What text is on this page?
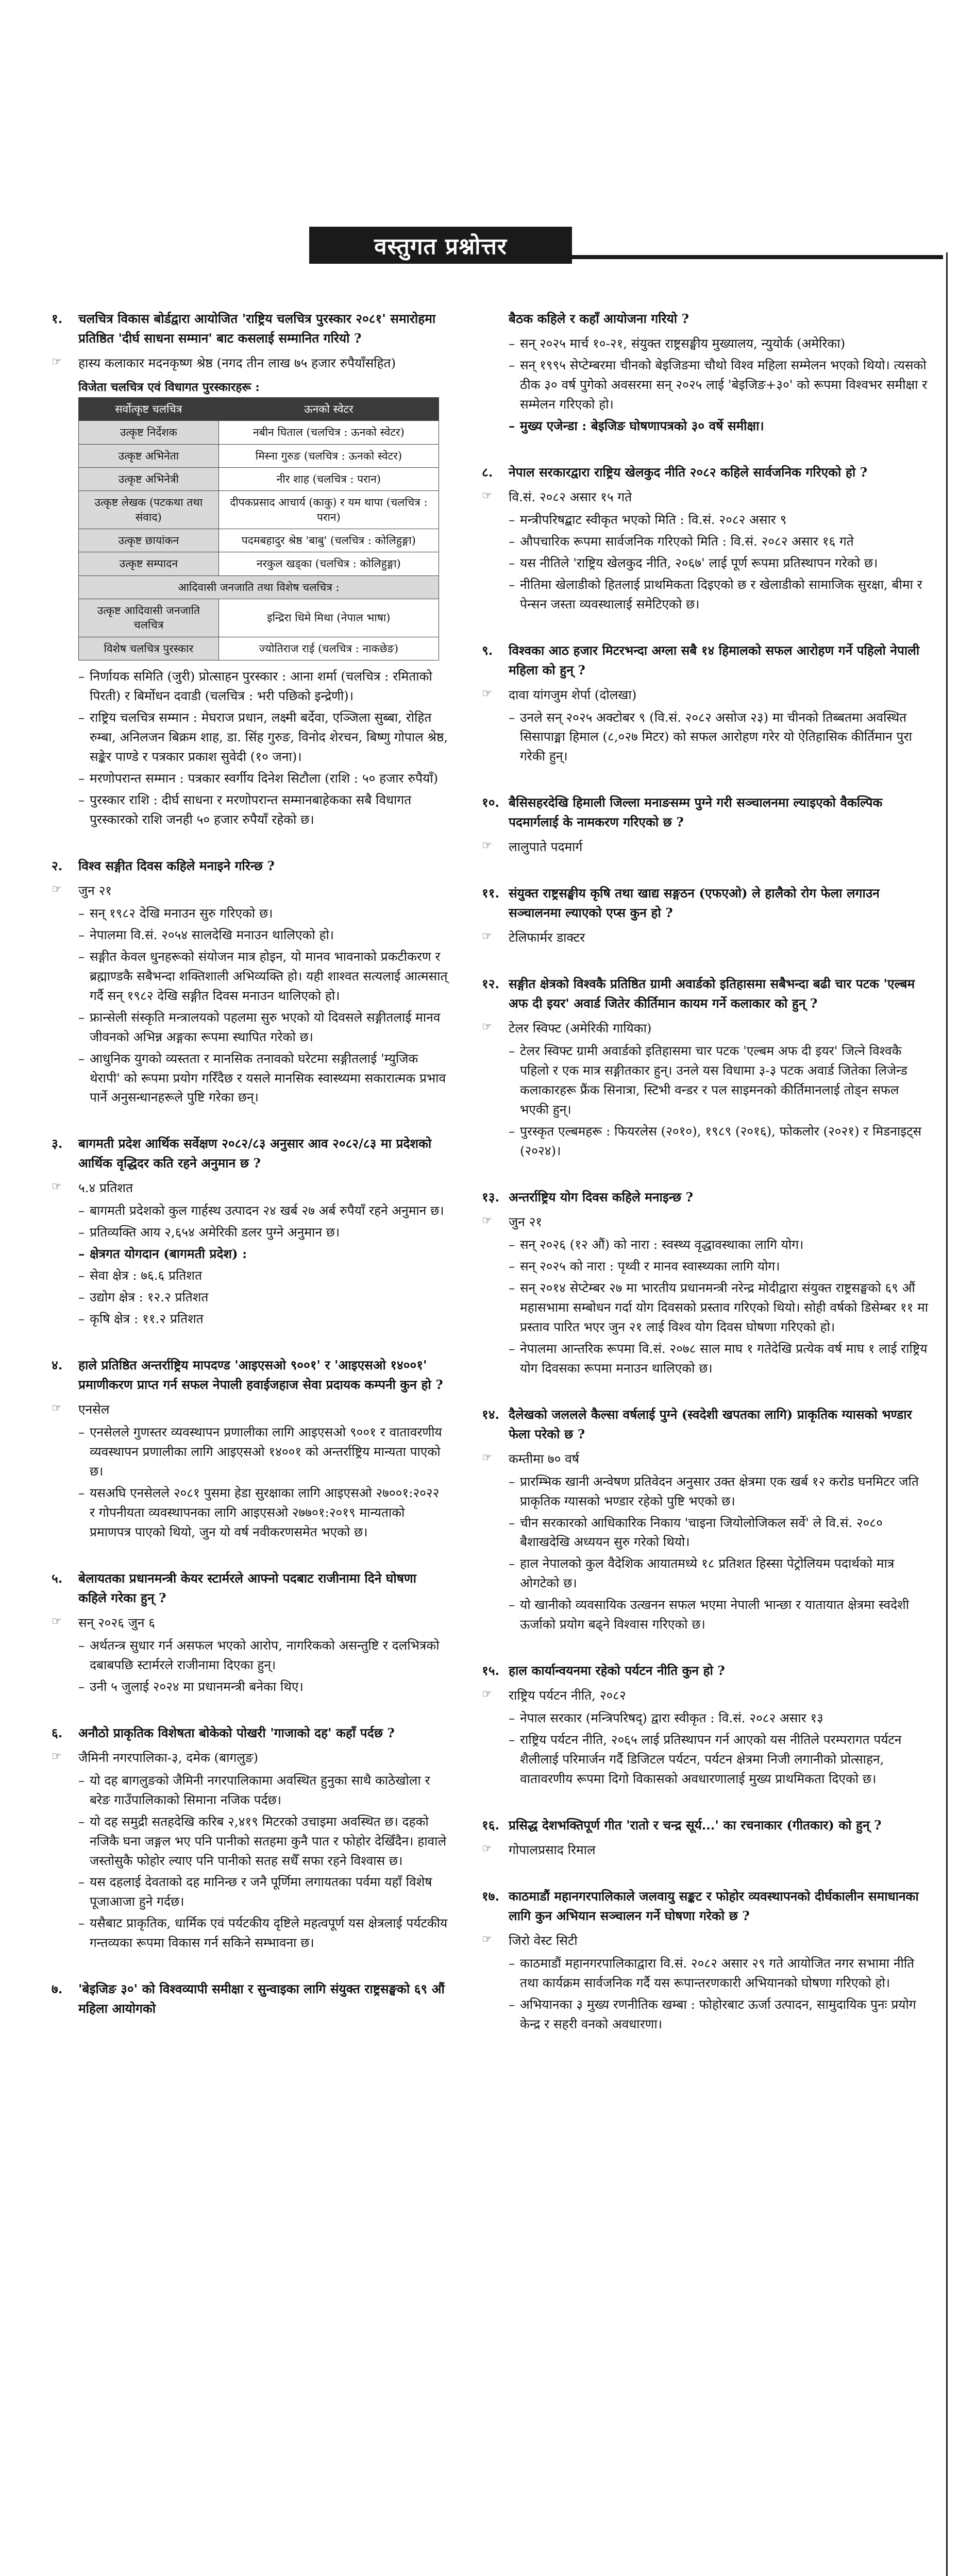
वस्तुगत प्रश्नोत्तर
१.	चलचित्र विकास बोर्डद्वारा आयोजित 'राष्ट्रिय चलचित्र पुरस्कार २०८१' समारोहमा प्रतिष्ठित 'दीर्घ साधना सम्मान' बाट कसलाई सम्मानित गरियो ?
☞	हास्य कलाकार मदनकृष्ण श्रेष्ठ (नगद तीन लाख ७५ हजार रुपैयाँसहित)
विजेता चलचित्र एवं विधागत पुरस्कारहरू :
सर्वोत्कृष्ट चलचित्र	ऊनको स्वेटर
उत्कृष्ट निर्देशक	नबीन घिताल (चलचित्र : ऊनको स्वेटर)
उत्कृष्ट अभिनेता	मिस्ना गुरुङ (चलचित्र : ऊनको स्वेटर)
उत्कृष्ट अभिनेत्री	नीर शाह (चलचित्र : परान)
उत्कृष्ट लेखक (पटकथा तथा संवाद)	दीपकप्रसाद आचार्य (काकु) र यम थापा (चलचित्र : परान)
उत्कृष्ट छायांकन	पदमबहादुर श्रेष्ठ 'बाबु' (चलचित्र : कोलिहुङ्गा)
उत्कृष्ट सम्पादन	नरकुल खड्का (चलचित्र : कोलिहुङ्गा)
आदिवासी जनजाति तथा विशेष चलचित्र :	
उत्कृष्ट आदिवासी जनजाति चलचित्र	इन्द्रिरा धिमे मिथा (नेपाल भाषा)
विशेष चलचित्र पुरस्कार	ज्योतिराज राई (चलचित्र : नाकछेङ)
– निर्णायक समिति (जुरी) प्रोत्साहन पुरस्कार : आना शर्मा (चलचित्र : रमिताको पिरती) र बिर्मोधन दवाडी (चलचित्र : भरी पछिको इन्द्रेणी)।
– राष्ट्रिय चलचित्र सम्मान : मेघराज प्रधान, लक्ष्मी बर्देवा, एञ्जिला सुब्बा, रोहित रुम्बा, अनिलजन बिक्रम शाह, डा. सिंह गुरुङ, विनोद शेरचन, बिष्णु गोपाल श्रेष्ठ, सङ्केर पाण्डे र पत्रकार प्रकाश सुवेदी (१० जना)।
– मरणोपरान्त सम्मान : पत्रकार स्वर्गीय दिनेश सिटौला (राशि : ५० हजार रुपैयाँ)
– पुरस्कार राशि : दीर्घ साधना र मरणोपरान्त सम्मानबाहेकका सबै विधागत पुरस्कारको राशि जनही ५० हजार रुपैयाँ रहेको छ।
२.	विश्व सङ्गीत दिवस कहिले मनाइने गरिन्छ ?
☞	जुन २१
– सन् १९८२ देखि मनाउन सुरु गरिएको छ।
– नेपालमा वि.सं. २०५४ सालदेखि मनाउन थालिएको हो।
– सङ्गीत केवल धुनहरूको संयोजन मात्र होइन, यो मानव भावनाको प्रकटीकरण र ब्रह्माण्डकै सबैभन्दा शक्तिशाली अभिव्यक्ति हो। यही शाश्वत सत्यलाई आत्मसात् गर्दै सन् १९८२ देखि सङ्गीत दिवस मनाउन थालिएको हो।
– फ्रान्सेली संस्कृति मन्त्रालयको पहलमा सुरु भएको यो दिवसले सङ्गीतलाई मानव जीवनको अभिन्न अङ्गका रूपमा स्थापित गरेको छ।
– आधुनिक युगको व्यस्तता र मानसिक तनावको घरेटमा सङ्गीतलाई 'म्युजिक थेरापी' को रूपमा प्रयोग गरिँदैछ र यसले मानसिक स्वास्थ्यमा सकारात्मक प्रभाव पार्ने अनुसन्धानहरूले पुष्टि गरेका छन्।
३.	बागमती प्रदेश आर्थिक सर्वेक्षण २०८२/८३ अनुसार आव २०८२/८३ मा प्रदेशको आर्थिक वृद्धिदर कति रहने अनुमान छ ?
☞	५.४ प्रतिशत
– बागमती प्रदेशको कुल गार्हस्थ उत्पादन २४ खर्ब २७ अर्ब रुपैयाँ रहने अनुमान छ।
– प्रतिव्यक्ति आय २,६५४ अमेरिकी डलर पुग्ने अनुमान छ।
– क्षेत्रगत योगदान (बागमती प्रदेश) :
– सेवा क्षेत्र : ७६.६ प्रतिशत
– उद्योग क्षेत्र : १२.२ प्रतिशत
– कृषि क्षेत्र : ११.२ प्रतिशत
४.	हाले प्रतिष्ठित अन्तर्राष्ट्रिय मापदण्ड 'आइएसओ ९००१' र 'आइएसओ १४००१' प्रमाणीकरण प्राप्त गर्न सफल नेपाली हवाईजहाज सेवा प्रदायक कम्पनी कुन हो ?
☞	एनसेल
– एनसेलले गुणस्तर व्यवस्थापन प्रणालीका लागि आइएसओ ९००१ र वातावरणीय व्यवस्थापन प्रणालीका लागि आइएसओ १४००१ को अन्तर्राष्ट्रिय मान्यता पाएको छ।
– यसअघि एनसेलले २०८१ पुसमा हेडा सुरक्षाका लागि आइएसओ २७००१:२०२२ र गोपनीयता व्यवस्थापनका लागि आइएसओ २७७०१:२०१९ मान्यताको प्रमाणपत्र पाएको थियो, जुन यो वर्ष नवीकरणसमेत भएको छ।
५.	बेलायतका प्रधानमन्त्री केयर स्टार्मरले आफ्नो पदबाट राजीनामा दिने घोषणा कहिले गरेका हुन् ?
☞	सन् २०२६ जुन ६
– अर्थतन्त्र सुधार गर्न असफल भएको आरोप, नागरिकको असन्तुष्टि र दलभित्रको दबाबपछि स्टार्मरले राजीनामा दिएका हुन्।
– उनी ५ जुलाई २०२४ मा प्रधानमन्त्री बनेका थिए।
६.	अनौठो प्राकृतिक विशेषता बोकेको पोखरी 'गाजाको दह' कहाँ पर्दछ ?
☞	जैमिनी नगरपालिका-३, दमेक (बागलुङ)
– यो दह बागलुङको जैमिनी नगरपालिकामा अवस्थित हुनुका साथै काठेखोला र बरेङ गाउँपालिकाको सिमाना नजिक पर्दछ।
– यो दह समुद्री सतहदेखि करिब २,४१९ मिटरको उचाइमा अवस्थित छ। दहको नजिकै घना जङ्गल भए पनि पानीको सतहमा कुनै पात र फोहोर देखिँदैन। हावाले जस्तोसुकै फोहोर ल्याए पनि पानीको सतह सधैँ सफा रहने विश्वास छ।
– यस दहलाई देवताको दह मानिन्छ र जनै पूर्णिमा लगायतका पर्वमा यहाँ विशेष पूजाआजा हुने गर्दछ।
– यसैबाट प्राकृतिक, धार्मिक एवं पर्यटकीय दृष्टिले महत्वपूर्ण यस क्षेत्रलाई पर्यटकीय गन्तव्यका रूपमा विकास गर्न सकिने सम्भावना छ।
७.	'बेइजिङ ३०' को विश्वव्यापी समीक्षा र सुन्वाइका लागि संयुक्त राष्ट्रसङ्घको ६९ औं महिला आयोगको
बैठक कहिले र कहाँ आयोजना गरियो ?
– सन् २०२५ मार्च १०-२१, संयुक्त राष्ट्रसङ्घीय मुख्यालय, न्युयोर्क (अमेरिका)
– सन् १९९५ सेप्टेम्बरमा चीनको बेइजिङमा चौथो विश्व महिला सम्मेलन भएको थियो। त्यसको ठीक ३० वर्ष पुगेको अवसरमा सन् २०२५ लाई 'बेइजिङ+३०' को रूपमा विश्वभर समीक्षा र सम्मेलन गरिएको हो।
– मुख्य एजेन्डा : बेइजिङ घोषणापत्रको ३० वर्षे समीक्षा।
८.	नेपाल सरकारद्वारा राष्ट्रिय खेलकुद नीति २०८२ कहिले सार्वजनिक गरिएको हो ?
☞	वि.सं. २०८२ असार १५ गते
– मन्त्रीपरिषद्बाट स्वीकृत भएको मिति : वि.सं. २०८२ असार ९
– औपचारिक रूपमा सार्वजनिक गरिएको मिति : वि.सं. २०८२ असार १६ गते
– यस नीतिले 'राष्ट्रिय खेलकुद नीति, २०६७' लाई पूर्ण रूपमा प्रतिस्थापन गरेको छ।
– नीतिमा खेलाडीको हितलाई प्राथमिकता दिइएको छ र खेलाडीको सामाजिक सुरक्षा, बीमा र पेन्सन जस्ता व्यवस्थालाई समेटिएको छ।
९.	विश्वका आठ हजार मिटरभन्दा अग्ला सबै १४ हिमालको सफल आरोहण गर्ने पहिलो नेपाली महिला को हुन् ?
☞	दावा यांगजुम शेर्पा (दोलखा)
– उनले सन् २०२५ अक्टोबर ९ (वि.सं. २०८२ असोज २३) मा चीनको तिब्बतमा अवस्थित सिसापाङ्मा हिमाल (८,०२७ मिटर) को सफल आरोहण गरेर यो ऐतिहासिक कीर्तिमान पुरा गरेकी हुन्।
१०. बैसिसहरदेखि हिमाली जिल्ला मनाङसम्म पुग्ने गरी सञ्चालनमा ल्याइएको वैकल्पिक पदमार्गलाई के नामकरण गरिएको छ ?
☞	लालुपाते पदमार्ग
११. संयुक्त राष्ट्रसङ्घीय कृषि तथा खाद्य सङ्गठन (एफएओ) ले हालैको रोग फेला लगाउन सञ्चालनमा ल्याएको एप्स कुन हो ?
☞	टेलिफार्मर डाक्टर
१२. सङ्गीत क्षेत्रको विश्वकै प्रतिष्ठित ग्रामी अवार्डको इतिहासमा सबैभन्दा बढी चार पटक 'एल्बम अफ दी इयर' अवार्ड जितेर कीर्तिमान कायम गर्ने कलाकार को हुन् ?
☞	टेलर स्विफ्ट (अमेरिकी गायिका)
– टेलर स्विफ्ट ग्रामी अवार्डको इतिहासमा चार पटक 'एल्बम अफ दी इयर' जित्ने विश्वकै पहिलो र एक मात्र सङ्गीतकार हुन्। उनले यस विधामा ३-३ पटक अवार्ड जितेका लिजेन्ड कलाकारहरू फ्रैंक सिनात्रा, स्टिभी वन्डर र पल साइमनको कीर्तिमानलाई तोड्न सफल भएकी हुन्।
– पुरस्कृत एल्बमहरू : फियरलेस (२०१०), १९८९ (२०१६), फोकलोर (२०२१) र मिडनाइट्स (२०२४)।
१३. अन्तर्राष्ट्रिय योग दिवस कहिले मनाइन्छ ?
☞	जुन २१
– सन् २०२६ (१२ औं) को नारा : स्वस्थ्य वृद्धावस्थाका लागि योग।
– सन् २०२५ को नारा : पृथ्वी र मानव स्वास्थ्यका लागि योग।
– सन् २०१४ सेप्टेम्बर २७ मा भारतीय प्रधानमन्त्री नरेन्द्र मोदीद्वारा संयुक्त राष्ट्रसङ्घको ६९ औं महासभामा सम्बोधन गर्दा योग दिवसको प्रस्ताव गरिएको थियो। सोही वर्षको डिसेम्बर ११ मा प्रस्ताव पारित भएर जुन २१ लाई विश्व योग दिवस घोषणा गरिएको हो।
– नेपालमा आन्तरिक रूपमा वि.सं. २०७८ साल माघ १ गतेदेखि प्रत्येक वर्ष माघ १ लाई राष्ट्रिय योग दिवसका रूपमा मनाउन थालिएको छ।
१४. दैलेखको जललले कैल्सा वर्षलाई पुग्ने (स्वदेशी खपतका लागि) प्राकृतिक ग्यासको भण्डार फेला परेको छ ?
☞	कम्तीमा ७० वर्ष
– प्रारम्भिक खानी अन्वेषण प्रतिवेदन अनुसार उक्त क्षेत्रमा एक खर्ब १२ करोड घनमिटर जति प्राकृतिक ग्यासको भण्डार रहेको पुष्टि भएको छ।
– चीन सरकारको आधिकारिक निकाय 'चाइना जियोलोजिकल सर्वे' ले वि.सं. २०८० बैशाखदेखि अध्ययन सुरु गरेको थियो।
– हाल नेपालको कुल वैदेशिक आयातमध्ये १८ प्रतिशत हिस्सा पेट्रोलियम पदार्थको मात्र ओगटेको छ।
– यो खानीको व्यवसायिक उत्खनन सफल भएमा नेपाली भान्छा र यातायात क्षेत्रमा स्वदेशी ऊर्जाको प्रयोग बढ्ने विश्वास गरिएको छ।
१५. हाल कार्यान्वयनमा रहेको पर्यटन नीति कुन हो ?
☞	राष्ट्रिय पर्यटन नीति, २०८२
– नेपाल सरकार (मन्त्रिपरिषद्) द्वारा स्वीकृत : वि.सं. २०८२ असार १३
– राष्ट्रिय पर्यटन नीति, २०६५ लाई प्रतिस्थापन गर्न आएको यस नीतिले परम्परागत पर्यटन शैलीलाई परिमार्जन गर्दै डिजिटल पर्यटन, पर्यटन क्षेत्रमा निजी लगानीको प्रोत्साहन, वातावरणीय रूपमा दिगो विकासको अवधारणालाई मुख्य प्राथमिकता दिएको छ।
१६. प्रसिद्ध देशभक्तिपूर्ण गीत 'रातो र चन्द्र सूर्य...' का रचनाकार (गीतकार) को हुन् ?
☞	गोपालप्रसाद रिमाल
१७. काठमाडौं महानगरपालिकाले जलवायु सङ्कट र फोहोर व्यवस्थापनको दीर्घकालीन समाधानका लागि कुन अभियान सञ्चालन गर्ने घोषणा गरेको छ ?
☞	जिरो वेस्ट सिटी
– काठमाडौं महानगरपालिकाद्वारा वि.सं. २०८२ असार २९ गते आयोजित नगर सभामा नीति तथा कार्यक्रम सार्वजनिक गर्दै यस रूपान्तरणकारी अभियानको घोषणा गरिएको हो।
– अभियानका ३ मुख्य रणनीतिक खम्बा : फोहोरबाट ऊर्जा उत्पादन, सामुदायिक पुनः प्रयोग केन्द्र र सहरी वनको अवधारणा।
